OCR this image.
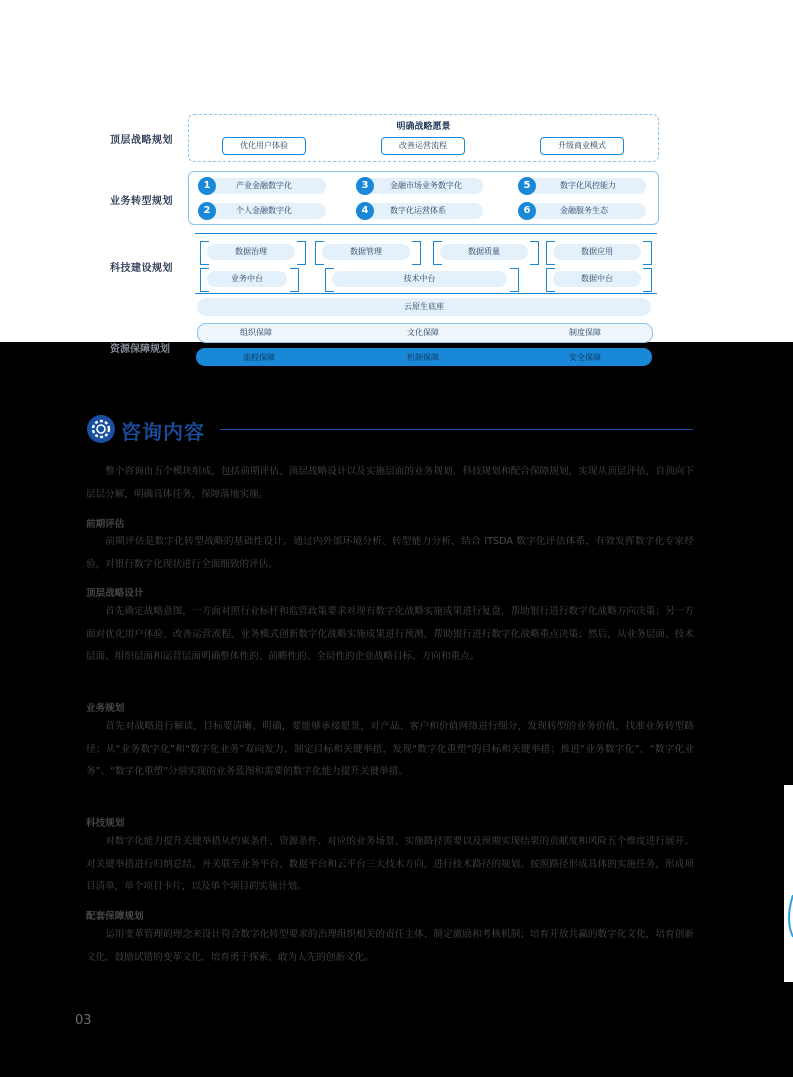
顶层战略规划
业务转型规划
科技建设规划
明确战略愿景
优化用户体验	改善运营流程	升级商业模式
1	产业金融数字化
2	个人金融数字化
3	金融市场业务数字化
4	数字化运营体系
5	数字化风控能力
6	金融服务生态
数据治理	数据管理	数据质量	数据应用
业务中台	技术中台	数据中台
云原生底座
组织保障	文化保障	制度保障
资源保障规划
流程保障	机制保障	安全保障
咨询内容
整个咨询由五个模块组成，包括前期评估、顶层战略设计以及实施层面的业务规划、科技规划和配合保障规划，实现从顶层评估，自顶向下层层分解，明确具体任务，保障落地实施。
前期评估
前期评估是数字化转型战略的基础性设计。通过内外部环境分析、转型能力分析，结合 ITSDA 数字化评估体系，有效发挥数字化专家经验，对银行数字化现状进行全面细致的评估。
顶层战略设计
首先确定战略意图，一方面对照行业标杆和监管政策要求对现有数字化战略实施成果进行复盘，帮助银行进行数字化战略方向决策；另一方面对优化用户体验、改善运营流程、业务模式创新数字化战略实施成果进行预测，帮助银行进行数字化战略重点决策；然后，从业务层面、技术层面、组织层面和运营层面明确整体性的、前瞻性的、全局性的企业战略目标、方向和重点。
业务规划
首先对战略进行解读，目标要清晰、明确，要能够承接愿景，对产品、客户和价值网络进行细分，发现转型的业务价值，找准业务转型路径；从“业务数字化”和“数字化业务”双向发力，制定目标和关键举措，发现“数字化重塑”的目标和关键举措；推进“业务数字化”、“数字化业务”、“数字化重塑”分别实现的业务蓝图和需要的数字化能力提升关键举措。
科技规划
对数字化能力提升关键举措从约束条件、资源条件、对应的业务场景、实施路径需要以及预期实现结果的贡献度和风险五个维度进行展开。对关键举措进行归纳总结，并关联至业务平台、数据平台和云平台三大技术方向，进行技术路径的规划。按照路径形成具体的实施任务，形成项目清单，单个项目卡片，以及单个项目的实施计划。
配套保障规划
运用变革管理的理念来设计符合数字化转型要求的治理组织相关的责任主体、制定激励和考核机制；培育开放共赢的数字化文化，培育创新文化，鼓励试错的变革文化，培育勇于探索、敢为人先的创新文化。
03
